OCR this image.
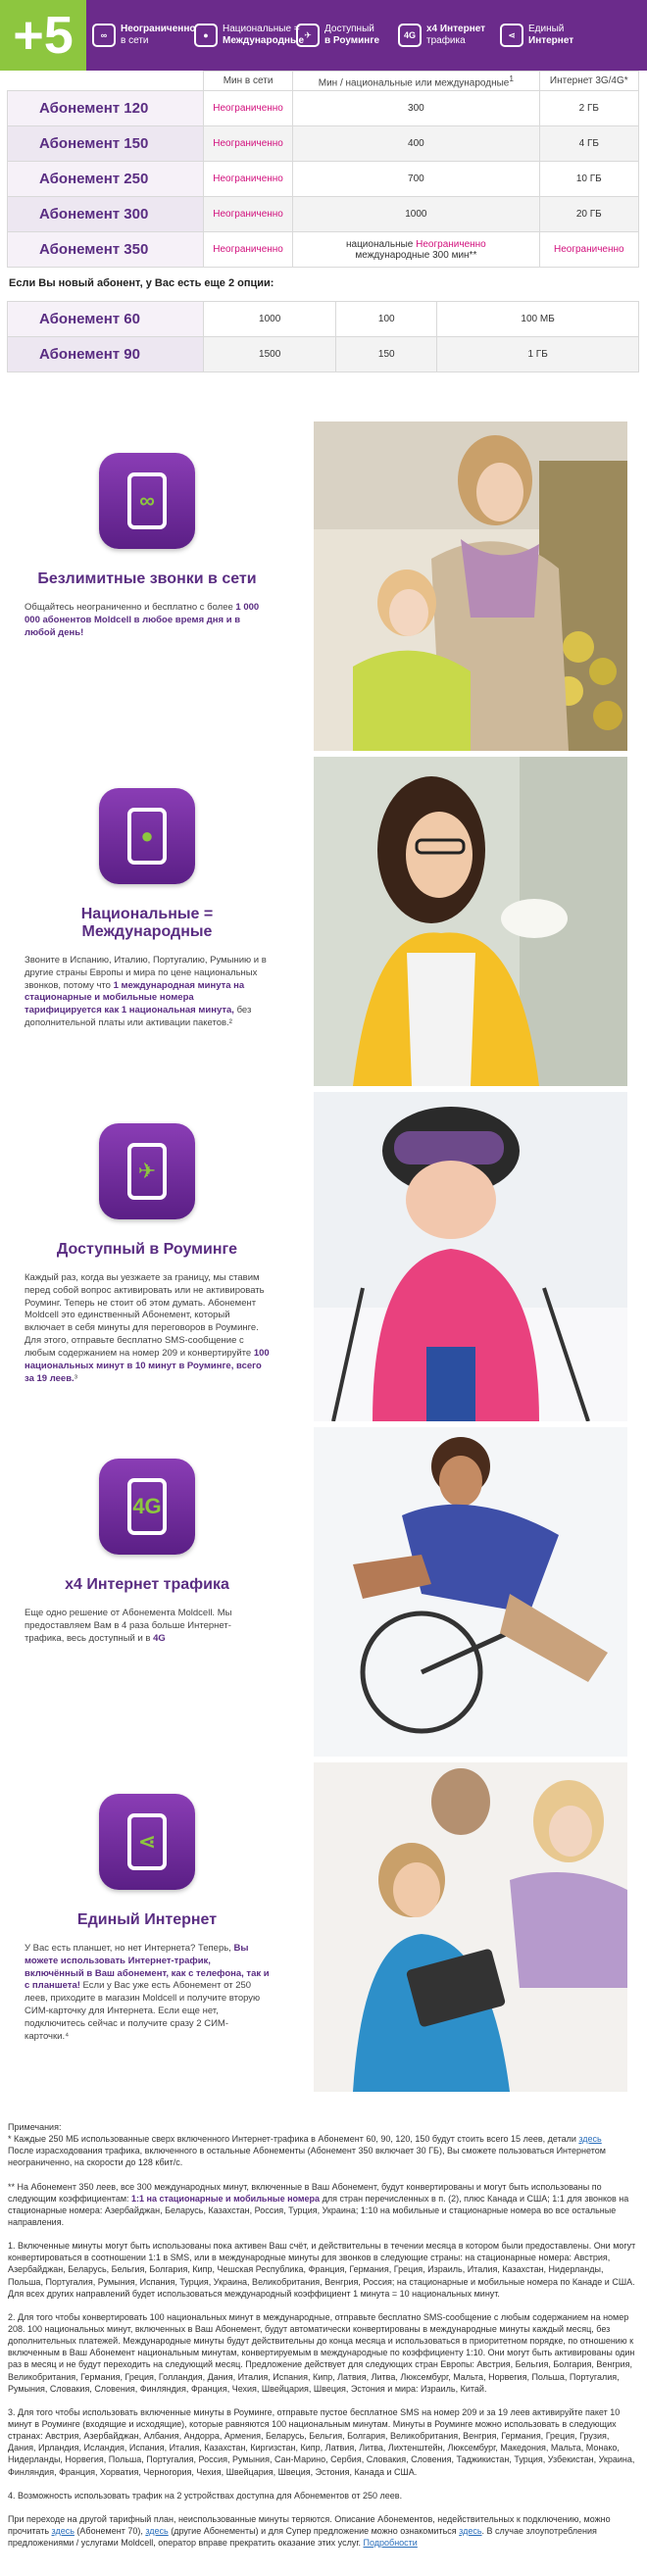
+5	∞
Неограниченно
в сети
●
Национальные =
Международные
✈
Доступный
в Роуминге
4G
x4 Интернет
трафика
⋖
Единый
Интернет
	Мин в сети	Мин / национальные или международные$^1$	Интернет 3G/4G*
Абонемент 120	Неограниченно	300	2 ГБ
Абонемент 150	Неограниченно	400	4 ГБ
Абонемент 250	Неограниченно	700	10 ГБ
Абонемент 300	Неограниченно	1000	20 ГБ
Абонемент 350	Неограниченно	национальные Неограниченно
международные 300 мин**	Неограниченно
Если Вы новый абонент, у Вас есть еще 2 опции:
Абонемент 60	1000	100	100 МБ
Абонемент 90	1500	150	1 ГБ
∞
Безлимитные звонки в сети
Общайтесь неограниченно и бесплатно с более 1 000 000 абонентов Moldcell в любое время дня и в любой день!
●
Национальные = Международные
Звоните в Испанию, Италию, Португалию, Румынию и в другие страны Европы и мира по цене национальных звонков, потому что 1 международная минута на стационарные и мобильные номера тарифицируется как 1 национальная минута, без дополнительной платы или активации пакетов.²
✈
Доступный в Роуминге
Каждый раз, когда вы уезжаете за границу, мы ставим перед собой вопрос активировать или не активировать Роуминг. Теперь не стоит об этом думать. Абонемент Moldcell это единственный Абонемент, который включает в себя минуты для переговоров в Роуминге. Для этого, отправьте бесплатно SMS-сообщение с любым содержанием на номер 209 и конвертируйте 100 национальных минут в 10 минут в Роуминге, всего за 19 леев.³
4G
x4 Интернет трафика
Еще одно решение от Абонемента Moldcell. Мы предоставляем Вам в 4 раза больше Интернет-трафика, весь доступный и в 4G
⋖
Единый Интернет
У Вас есть планшет, но нет Интернета? Теперь, Вы можете использовать Интернет-трафик, включённый в Ваш абонемент, как с телефона, так и с планшета! Если у Вас уже есть Абонемент от 250 леев, приходите в магазин Moldcell и получите вторую СИМ-карточку для Интернета. Если еще нет, подключитесь сейчас и получите сразу 2 СИМ-карточки.⁴

Примечания:
* Каждые 250 МБ использованные сверх включенного Интернет-трафика в Абонемент 60, 90, 120, 150 будут стоить всего 15 леев, детали здесь
После израсходования трафика, включенного в остальные Абонементы (Абонемент 350 включает 30 ГБ), Вы сможете пользоваться Интернетом неограниченно, на скорости до 128 кбит/с.

** На Абонемент 350 леев, все 300 международных минут, включенные в Ваш Абонемент, будут конвертированы и могут быть использованы по следующим коэффициентам: 1:1 на стационарные и мобильные номера для стран перечисленных в п. (2), плюс Канада и США; 1:1 для звонков на стационарные номера: Азербайджан, Беларусь, Казахстан, Россия, Турция, Украина; 1:10 на мобильные и стационарные номера во все остальные направления.

1. Включенные минуты могут быть использованы пока активен Ваш счёт, и действительны в течении месяца в котором были предоставлены. Они могут конвертироваться в соотношении 1:1 в SMS, или в международные минуты для звонков в следующие страны: на стационарные номера: Австрия, Азербайджан, Беларусь, Бельгия, Болгария, Кипр, Чешская Республика, Франция, Германия, Греция, Израиль, Италия, Казахстан, Нидерланды, Польша, Португалия, Румыния, Испания, Турция, Украина, Великобритания, Венгрия, Россия; на стационарные и мобильные номера по Канаде и США. Для всех других направлений будет использоваться международный коэффициент 1 минута = 10 национальных минут.

2. Для того чтобы конвертировать 100 национальных минут в международные, отправьте бесплатно SMS-сообщение с любым содержанием на номер 208. 100 национальных минут, включенных в Ваш Абонемент, будут автоматически конвертированы в международные минуты каждый месяц, без дополнительных платежей. Международные минуты будут действительны до конца месяца и использоваться в приоритетном порядке, по отношению к включенным в Ваш Абонемент национальным минутам, конвертируемым в международные по коэффициенту 1:10. Они могут быть активированы один раз в месяц и не будут переходить на следующий месяц. Предложение действует для следующих стран Европы: Австрия, Бельгия, Болгария, Венгрия, Великобритания, Германия, Греция, Голландия, Дания, Италия, Испания, Кипр, Латвия, Литва, Люксембург, Мальта, Норвегия, Польша, Португалия, Румыния, Словакия, Словения, Финляндия, Франция, Чехия, Швейцария, Швеция, Эстония и мира: Израиль, Китай.

3. Для того чтобы использовать включенные минуты в Роуминге, отправьте пустое бесплатное SMS на номер 209 и за 19 леев активируйте пакет 10 минут в Роуминге (входящие и исходящие), которые равняются 100 национальным минутам. Минуты в Роуминге можно использовать в следующих странах: Австрия, Азербайджан, Албания, Андорра, Армения, Беларусь, Бельгия, Болгария, Великобритания, Венгрия, Германия, Греция, Грузия, Дания, Ирландия, Исландия, Испания, Италия, Казахстан, Киргизстан, Кипр, Латвия, Литва, Лихтенштейн, Люксембург, Македония, Мальта, Монако, Нидерланды, Норвегия, Польша, Португалия, Россия, Румыния, Сан-Марино, Сербия, Словакия, Словения, Таджикистан, Турция, Узбекистан, Украина, Финляндия, Франция, Хорватия, Черногория, Чехия, Швейцария, Швеция, Эстония, Канада и США.

4. Возможность использовать трафик на 2 устройствах доступна для Абонементов от 250 леев.

При переходе на другой тарифный план, неиспользованные минуты теряются. Описание Абонементов, недействительных к подключению, можно прочитать здесь (Абонемент 70), здесь (другие Абонементы) и для Супер предложение можно ознакомиться здесь. В случае злоупотребления предложениями / услугами Moldcell, оператор вправе прекратить оказание этих услуг. Подробности
